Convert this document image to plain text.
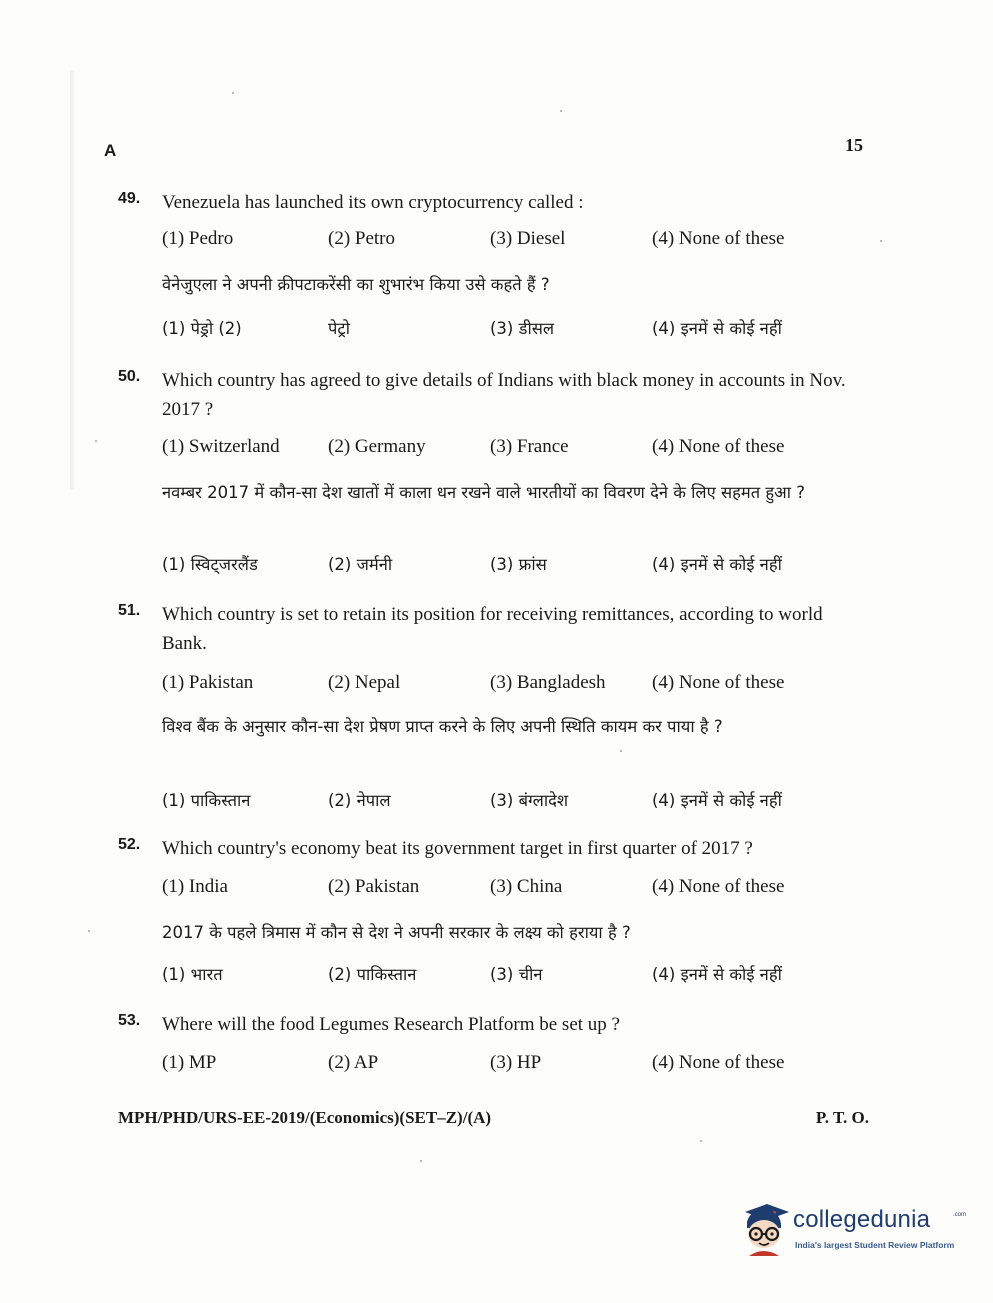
A	15
49. Venezuela has launched its own cryptocurrency called :
(1) Pedro	(2) Petro	(3) Diesel	(4) None of these
वेनेजुएला ने अपनी क्रीपटाकरेंसी का शुभारंभ किया उसे कहते हैं ?
(1) पेड्रो (2)	पेट्रो	(3) डीसल	(4) इनमें से कोई नहीं
50. Which country has agreed to give details of Indians with black money in accounts in Nov. 2017 ?
(1) Switzerland	(2) Germany	(3) France	(4) None of these
नवम्बर 2017 में कौन-सा देश खातों में काला धन रखने वाले भारतीयों का विवरण देने के लिए सहमत हुआ ?
(1) स्विट्जरलैंड	(2) जर्मनी	(3) फ्रांस	(4) इनमें से कोई नहीं
51. Which country is set to retain its position for receiving remittances, according to world Bank.
(1) Pakistan	(2) Nepal	(3) Bangladesh (4) None of these
विश्व बैंक के अनुसार कौन-सा देश प्रेषण प्राप्त करने के लिए अपनी स्थिति कायम कर पाया है ?
(1) पाकिस्तान	(2) नेपाल	(3) बंग्लादेश	(4) इनमें से कोई नहीं
52. Which country's economy beat its government target in first quarter of 2017 ?
(1) India	(2) Pakistan	(3) China	(4) None of these
2017 के पहले त्रिमास में कौन से देश ने अपनी सरकार के लक्ष्य को हराया है ?
(1) भारत	(2) पाकिस्तान	(3) चीन	(4) इनमें से कोई नहीं
53. Where will the food Legumes Research Platform be set up ?
(1) MP	(2) AP	(3) HP	(4) None of these
MPH/PHD/URS-EE-2019/(Economics)(SET–Z)/(A)	P. T. O.
collegedunia	.com
India's largest Student Review Platform
